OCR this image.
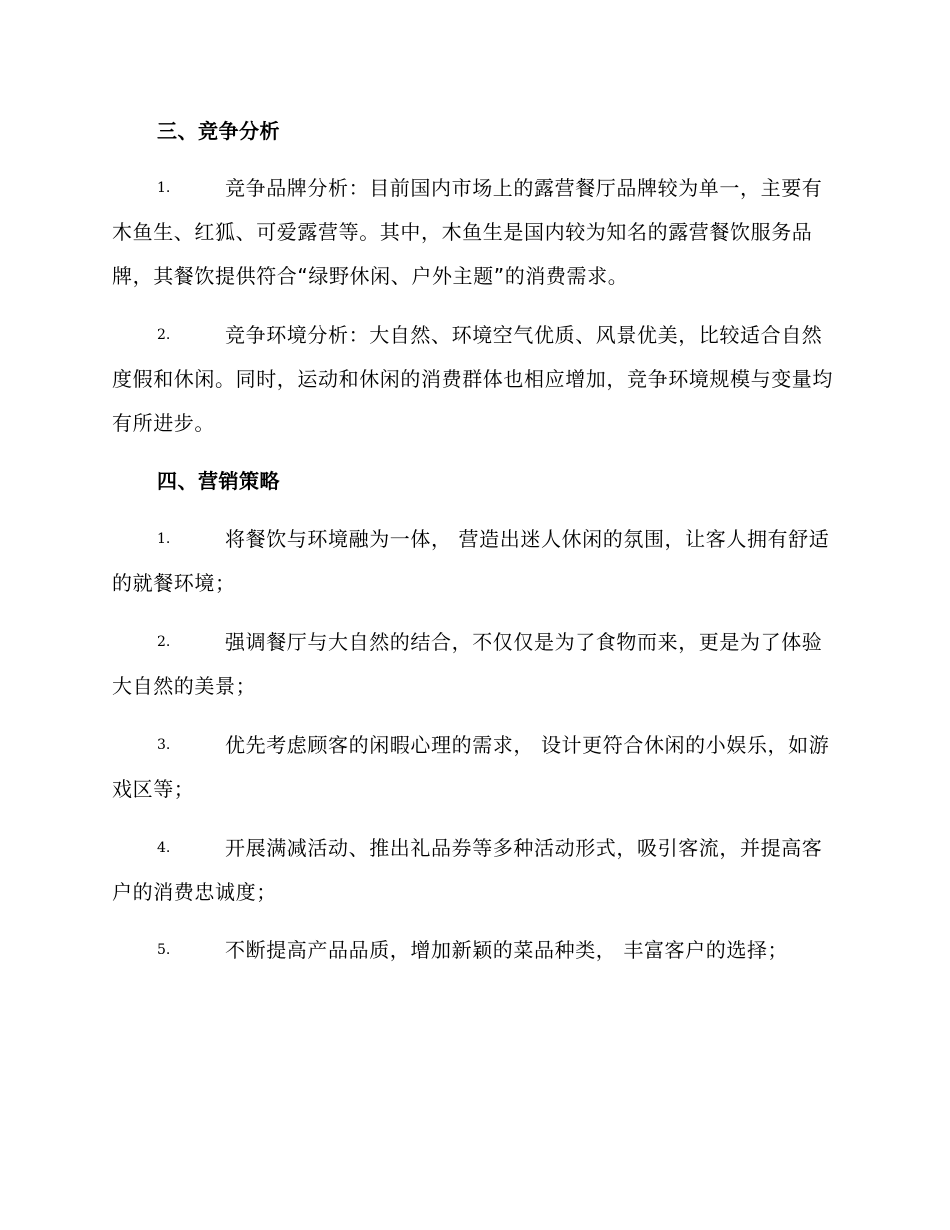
三、竞争分析
1.	竞争品牌分析：目前国内市场上的露营餐厅品牌较为单一，主要有木鱼生、红狐、可爱露营等。其中，木鱼生是国内较为知名的露营餐饮服务品牌，其餐饮提供符合“绿野休闲、户外主题”的消费需求。
2.	竞争环境分析：大自然、环境空气优质、风景优美，比较适合自然度假和休闲。同时，运动和休闲的消费群体也相应增加，竞争环境规模与变量均有所进步。
四、营销策略
1.	将餐饮与环境融为一体， 营造出迷人休闲的氛围，让客人拥有舒适的就餐环境；
2.	强调餐厅与大自然的结合，不仅仅是为了食物而来，更是为了体验大自然的美景；
3.	优先考虑顾客的闲暇心理的需求， 设计更符合休闲的小娱乐，如游戏区等；
4.	开展满减活动、推出礼品券等多种活动形式，吸引客流，并提高客户的消费忠诚度；
5.	不断提高产品品质，增加新颖的菜品种类， 丰富客户的选择；
